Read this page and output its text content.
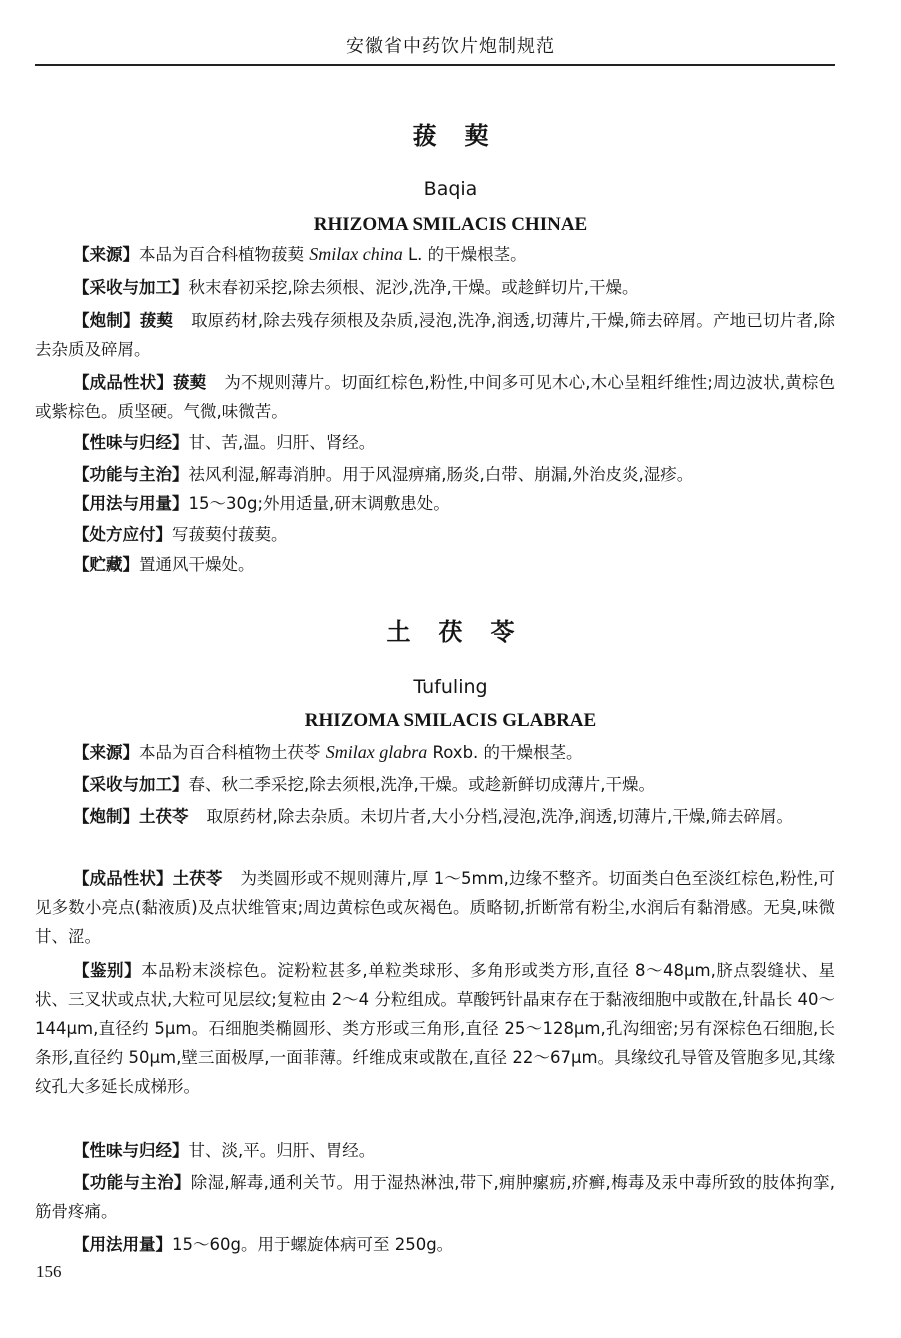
安徽省中药饮片炮制规范
菝葜
Baqia
RHIZOMA SMILACIS CHINAE
【来源】本品为百合科植物菝葜 Smilax china L. 的干燥根茎。
【采收与加工】秋末春初采挖,除去须根、泥沙,洗净,干燥。或趁鲜切片,干燥。
【炮制】菝葜 取原药材,除去残存须根及杂质,浸泡,洗净,润透,切薄片,干燥,筛去碎屑。产地已切片者,除去杂质及碎屑。
【成品性状】菝葜 为不规则薄片。切面红棕色,粉性,中间多可见木心,木心呈粗纤维性;周边波状,黄棕色或紫棕色。质坚硬。气微,味微苦。
【性味与归经】甘、苦,温。归肝、肾经。
【功能与主治】祛风利湿,解毒消肿。用于风湿痹痛,肠炎,白带、崩漏,外治皮炎,湿疹。
【用法与用量】15～30g;外用适量,研末调敷患处。
【处方应付】写菝葜付菝葜。
【贮藏】置通风干燥处。
土茯苓
Tufuling
RHIZOMA SMILACIS GLABRAE
【来源】本品为百合科植物土茯苓 Smilax glabra Roxb. 的干燥根茎。
【采收与加工】春、秋二季采挖,除去须根,洗净,干燥。或趁新鲜切成薄片,干燥。
【炮制】土茯苓 取原药材,除去杂质。未切片者,大小分档,浸泡,洗净,润透,切薄片,干燥,筛去碎屑。
【成品性状】土茯苓 为类圆形或不规则薄片,厚 1～5mm,边缘不整齐。切面类白色至淡红棕色,粉性,可见多数小亮点(黏液质)及点状维管束;周边黄棕色或灰褐色。质略韧,折断常有粉尘,水润后有黏滑感。无臭,味微甘、涩。
【鉴别】本品粉末淡棕色。淀粉粒甚多,单粒类球形、多角形或类方形,直径 8～48μm,脐点裂缝状、星状、三叉状或点状,大粒可见层纹;复粒由 2～4 分粒组成。草酸钙针晶束存在于黏液细胞中或散在,针晶长 40～144μm,直径约 5μm。石细胞类椭圆形、类方形或三角形,直径 25～128μm,孔沟细密;另有深棕色石细胞,长条形,直径约 50μm,壁三面极厚,一面菲薄。纤维成束或散在,直径 22～67μm。具缘纹孔导管及管胞多见,其缘纹孔大多延长成梯形。
【性味与归经】甘、淡,平。归肝、胃经。
【功能与主治】除湿,解毒,通利关节。用于湿热淋浊,带下,痈肿瘰疬,疥癣,梅毒及汞中毒所致的肢体拘挛,筋骨疼痛。
【用法用量】15～60g。用于螺旋体病可至 250g。
156
